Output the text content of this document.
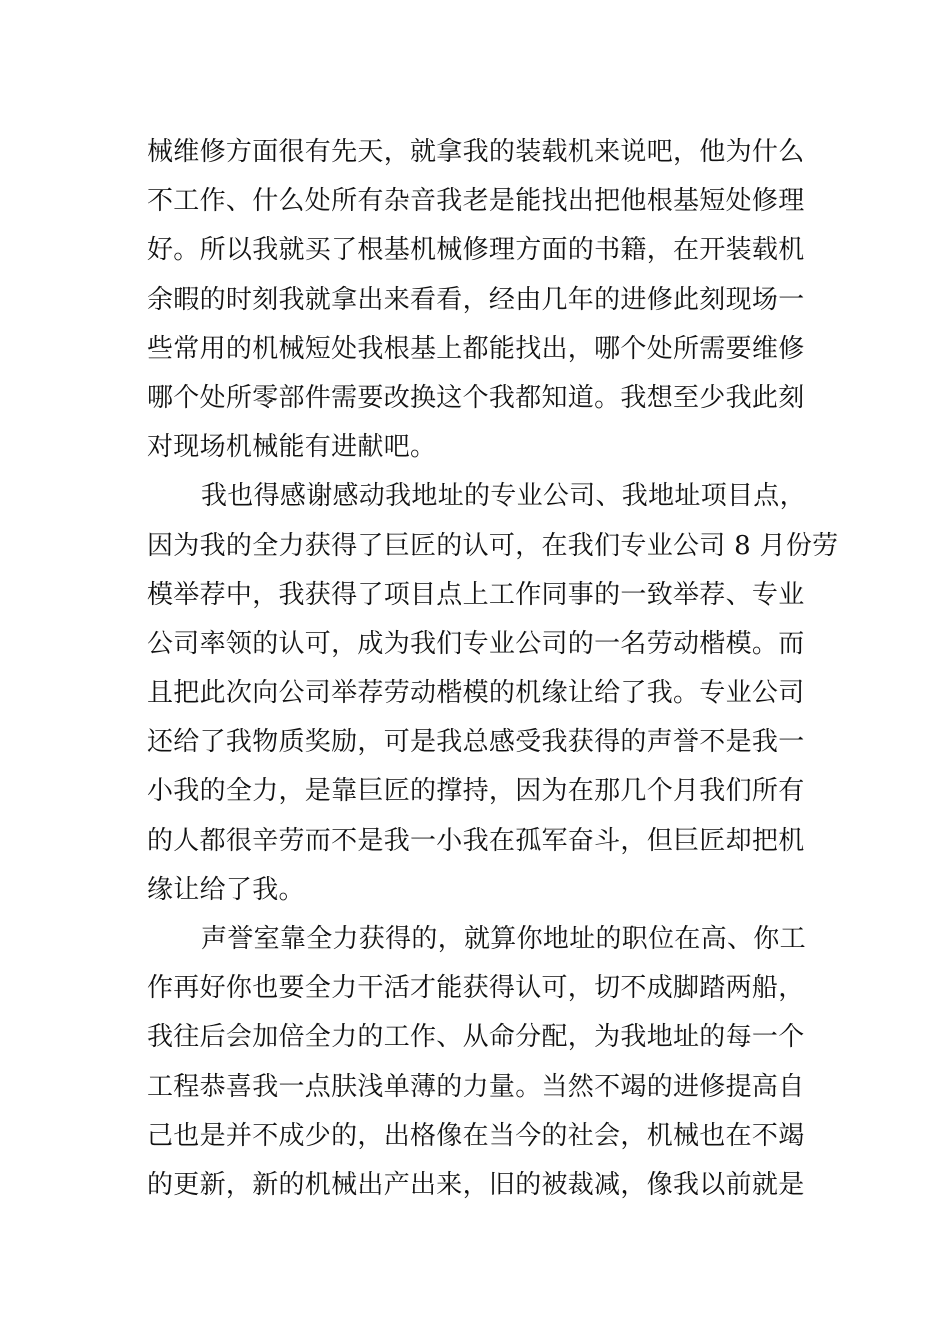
械维修方面很有先天，就拿我的装载机来说吧，他为什么
不工作、什么处所有杂音我老是能找出把他根基短处修理
好。所以我就买了根基机械修理方面的书籍，在开装载机
余暇的时刻我就拿出来看看，经由几年的进修此刻现场一
些常用的机械短处我根基上都能找出，哪个处所需要维修
哪个处所零部件需要改换这个我都知道。我想至少我此刻
对现场机械能有进献吧。
我也得感谢感动我地址的专业公司、我地址项目点，
因为我的全力获得了巨匠的认可，在我们专业公司 8 月份劳
模举荐中，我获得了项目点上工作同事的一致举荐、专业
公司率领的认可，成为我们专业公司的一名劳动楷模。而
且把此次向公司举荐劳动楷模的机缘让给了我。专业公司
还给了我物质奖励，可是我总感受我获得的声誉不是我一
小我的全力，是靠巨匠的撑持，因为在那几个月我们所有
的人都很辛劳而不是我一小我在孤军奋斗，但巨匠却把机
缘让给了我。
声誉室靠全力获得的，就算你地址的职位在高、你工
作再好你也要全力干活才能获得认可，切不成脚踏两船，
我往后会加倍全力的工作、从命分配，为我地址的每一个
工程恭喜我一点肤浅单薄的力量。当然不竭的进修提高自
己也是并不成少的，出格像在当今的社会，机械也在不竭
的更新，新的机械出产出来，旧的被裁减，像我以前就是
